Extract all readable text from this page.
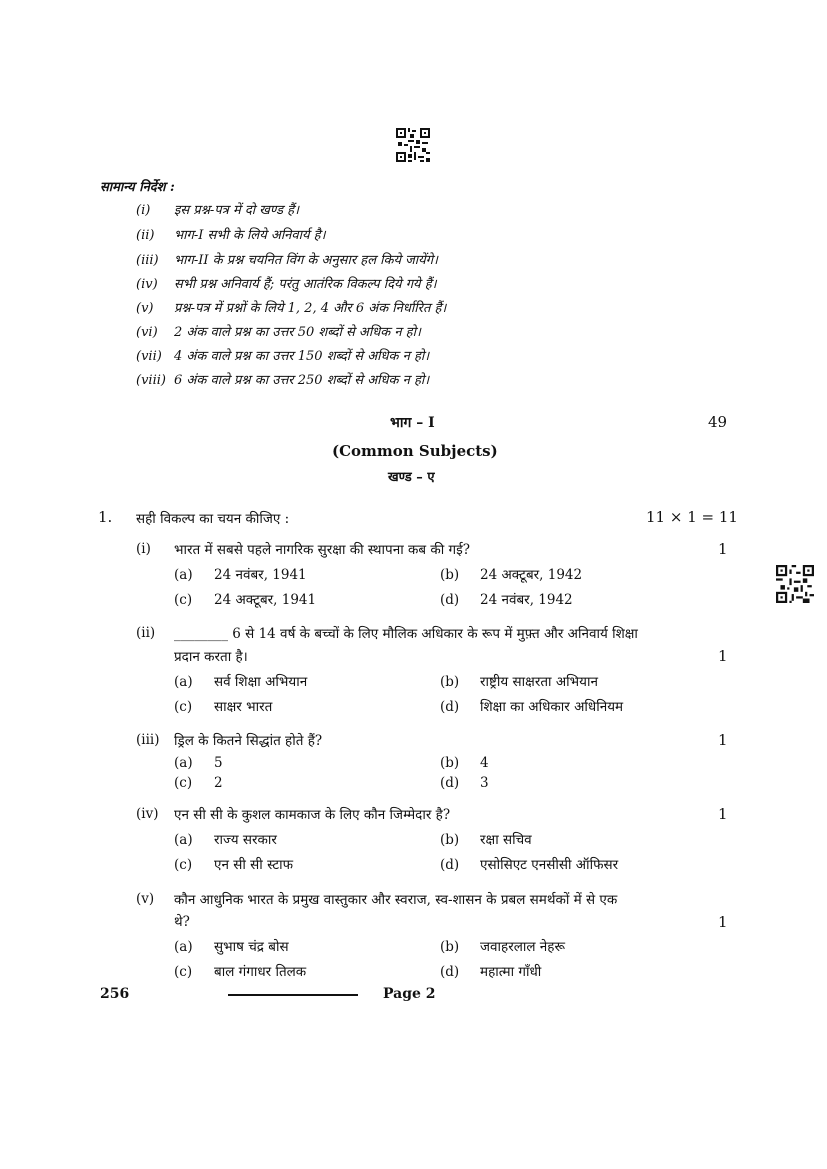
सामान्य निर्देश :
(i) इस प्रश्न-पत्र में दो खण्ड हैं।
(ii) भाग-I सभी के लिये अनिवार्य है।
(iii) भाग-II के प्रश्न चयनित विंग के अनुसार हल किये जायेंगे।
(iv) सभी प्रश्न अनिवार्य हैं; परंतु आतंरिक विकल्प दिये गये हैं।
(v) प्रश्न-पत्र में प्रश्नों के लिये 1, 2, 4 और 6 अंक निर्धारित हैं।
(vi) 2 अंक वाले प्रश्न का उत्तर 50 शब्दों से अधिक न हो।
(vii) 4 अंक वाले प्रश्न का उत्तर 150 शब्दों से अधिक न हो।
(viii) 6 अंक वाले प्रश्न का उत्तर 250 शब्दों से अधिक न हो।
भाग – I	49
(Common Subjects)
खण्ड – ए
1. सही विकल्प का चयन कीजिए :	11 × 1 = 11
(i) भारत में सबसे पहले नागरिक सुरक्षा की स्थापना कब की गई?	1
(a) 24 नवंबर, 1941	(b) 24 अक्टूबर, 1942
(c) 24 अक्टूबर, 1941	(d) 24 नवंबर, 1942
(ii) ________ 6 से 14 वर्ष के बच्चों के लिए मौलिक अधिकार के रूप में मुफ़्त और अनिवार्य शिक्षा
प्रदान करता है।	1
(a) सर्व शिक्षा अभियान	(b) राष्ट्रीय साक्षरता अभियान
(c) साक्षर भारत	(d) शिक्षा का अधिकार अधिनियम
(iii) ड्रिल के कितने सिद्धांत होते हैं?	1
(a) 5	(b) 4
(c) 2	(d) 3
(iv) एन सी सी के कुशल कामकाज के लिए कौन जिम्मेदार है?	1
(a) राज्य सरकार	(b) रक्षा सचिव
(c) एन सी सी स्टाफ	(d) एसोसिएट एनसीसी ऑफिसर
(v) कौन आधुनिक भारत के प्रमुख वास्तुकार और स्वराज, स्व-शासन के प्रबल समर्थकों में से एक
थे?	1
(a) सुभाष चंद्र बोस	(b) जवाहरलाल नेहरू
(c) बाल गंगाधर तिलक	(d) महात्मा गाँधी
256	Page 2
